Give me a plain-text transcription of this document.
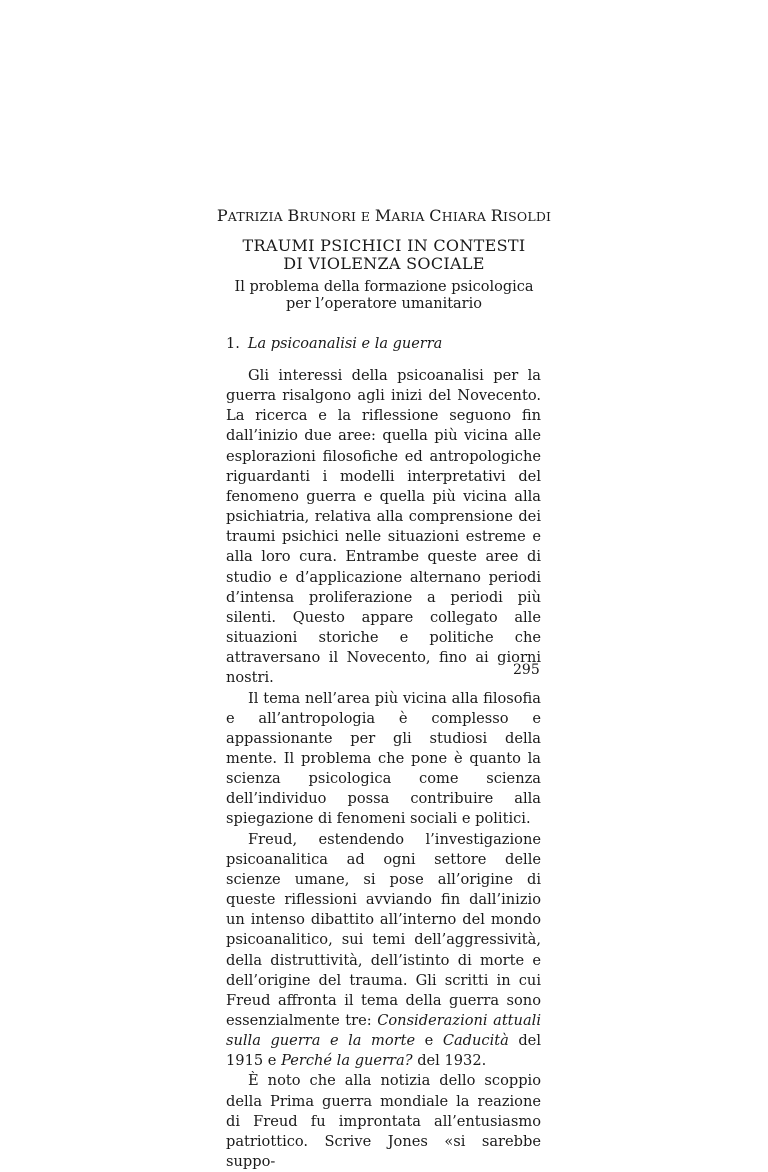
PATRIZIA BRUNORI E MARIA CHIARA RISOLDI
TRAUMI PSICHICI IN CONTESTI
DI VIOLENZA SOCIALE
Il problema della formazione psicologica
per l’operatore umanitario
1. La psicoanalisi e la guerra

Gli interessi della psicoanalisi per la guerra risalgono agli inizi del Novecento. La ricerca e la riflessione seguono fin dall’inizio due aree: quella più vicina alle esplorazioni filosofiche ed antropologiche riguardanti i modelli interpretativi del fenomeno guerra e quella più vicina alla psichiatria, relativa alla comprensione dei traumi psichici nelle situazioni estreme e alla loro cura. Entrambe queste aree di studio e d’applicazione alternano periodi d’intensa proliferazione a periodi più silenti. Questo appare collegato alle situazioni storiche e politiche che attraversano il Novecento, fino ai giorni nostri.

Il tema nell’area più vicina alla filosofia e all’antropologia è complesso e appassionante per gli studiosi della mente. Il problema che pone è quanto la scienza psicologica come scienza dell’individuo possa contribuire alla spiegazione di fenomeni sociali e politici.

Freud, estendendo l’investigazione psicoanalitica ad ogni settore delle scienze umane, si pose all’origine di queste riflessioni avviando fin dall’inizio un intenso dibattito all’interno del mondo psicoanalitico, sui temi dell’aggressività, della distruttività, dell’istinto di morte e dell’origine del trauma. Gli scritti in cui Freud affronta il tema della guerra sono essenzialmente tre: Considerazioni attuali sulla guerra e la morte e Caducità del 1915 e Perché la guerra? del 1932.

È noto che alla notizia dello scoppio della Prima guerra mondiale la reazione di Freud fu improntata all’entusiasmo patriottico. Scrive Jones «si sarebbe suppo-

295
